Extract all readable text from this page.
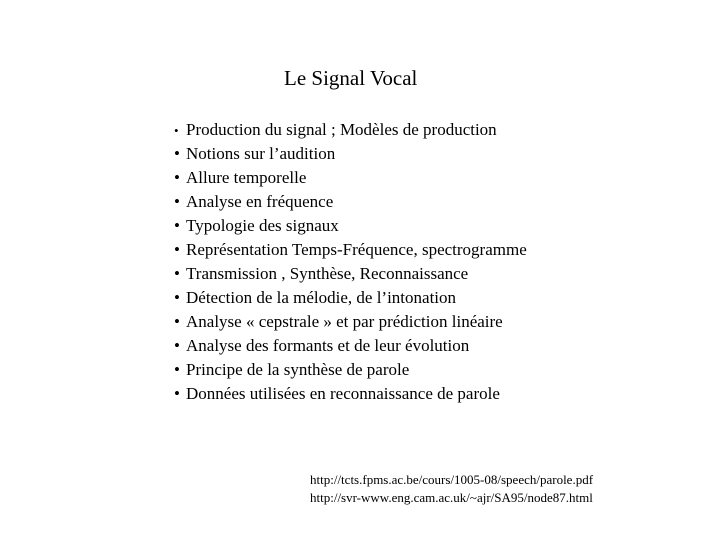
Le Signal Vocal
• Production du signal ; Modèles de production
• Notions sur l’audition
• Allure temporelle
• Analyse en fréquence
• Typologie des signaux
• Représentation Temps-Fréquence, spectrogramme
• Transmission , Synthèse, Reconnaissance
• Détection de la mélodie, de l’intonation
• Analyse « cepstrale » et par prédiction linéaire
• Analyse des formants et de leur évolution
• Principe de la synthèse de parole
• Données utilisées en reconnaissance de parole
http://tcts.fpms.ac.be/cours/1005-08/speech/parole.pdf
http://svr-www.eng.cam.ac.uk/~ajr/SA95/node87.html
